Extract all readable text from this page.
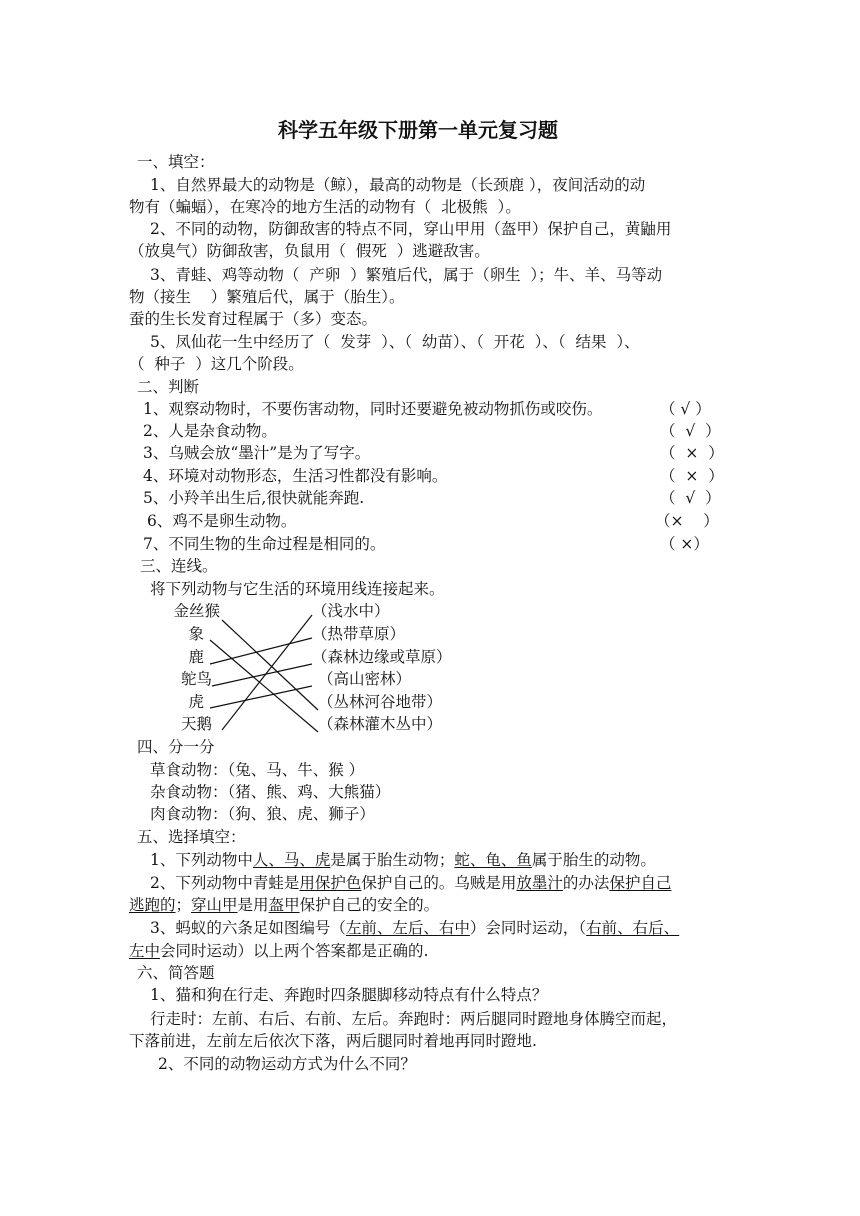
科学五年级下册第一单元复习题
一、填空：
1、自然界最大的动物是（鲸），最高的动物是（长颈鹿 ），夜间活动的动
物有（蝙蝠），在寒冷的地方生活的动物有（  北极熊  ）。
2、不同的动物，防御敌害的特点不同，穿山甲用（盔甲）保护自己，黄鼬用
（放臭气）防御敌害，负鼠用（  假死  ）逃避敌害。
3、青蛙、鸡等动物（  产卵  ）繁殖后代，属于（卵生  ）；牛、羊、马等动
物（接生    ）繁殖后代，属于（胎生）。
蚕的生长发育过程属于（多）变态。
5、凤仙花一生中经历了（  发芽  ）、（  幼苗）、（  开花  ）、（  结果  ）、
（  种子  ）这几个阶段。
二、判断
1、观察动物时，不要伤害动物，同时还要避免被动物抓伤或咬伤。	（ √ ）
2、人是杂食动物。	（  √  ）
3、乌贼会放“墨汁”是为了写字。	（  ×  ）
4、环境对动物形态，生活习性都没有影响。	（  ×  ）
5、小羚羊出生后,很快就能奔跑.	（  √  ）
6、鸡不是卵生动物。	（×    ）
7、不同生物的生命过程是相同的。	（ ×）
三、连线。
将下列动物与它生活的环境用线连接起来。
金丝猴
象
鹿
鸵鸟
虎
天鹅
（浅水中）
（热带草原）
（森林边缘或草原）
（高山密林）
（丛林河谷地带）
（森林灌木丛中）
四、分一分
草食动物：（兔、马、牛、猴 ）
杂食动物：（猪、熊、鸡、大熊猫）
肉食动物：（狗、狼、虎、狮子）
五、选择填空：
1、下列动物中人、马、虎是属于胎生动物；蛇、龟、鱼属于胎生的动物。
2、下列动物中青蛙是用保护色保护自己的。乌贼是用放墨汁的办法保护自己
逃跑的；穿山甲是用盔甲保护自己的安全的。
3、蚂蚁的六条足如图编号（左前、左后、右中）会同时运动，（右前、右后、
左中会同时运动）以上两个答案都是正确的.
六、简答题
1、猫和狗在行走、奔跑时四条腿脚移动特点有什么特点？
行走时：左前、右后、右前、左后。奔跑时：两后腿同时蹬地身体腾空而起，
下落前进，左前左后依次下落，两后腿同时着地再同时蹬地.
2、不同的动物运动方式为什么不同？
